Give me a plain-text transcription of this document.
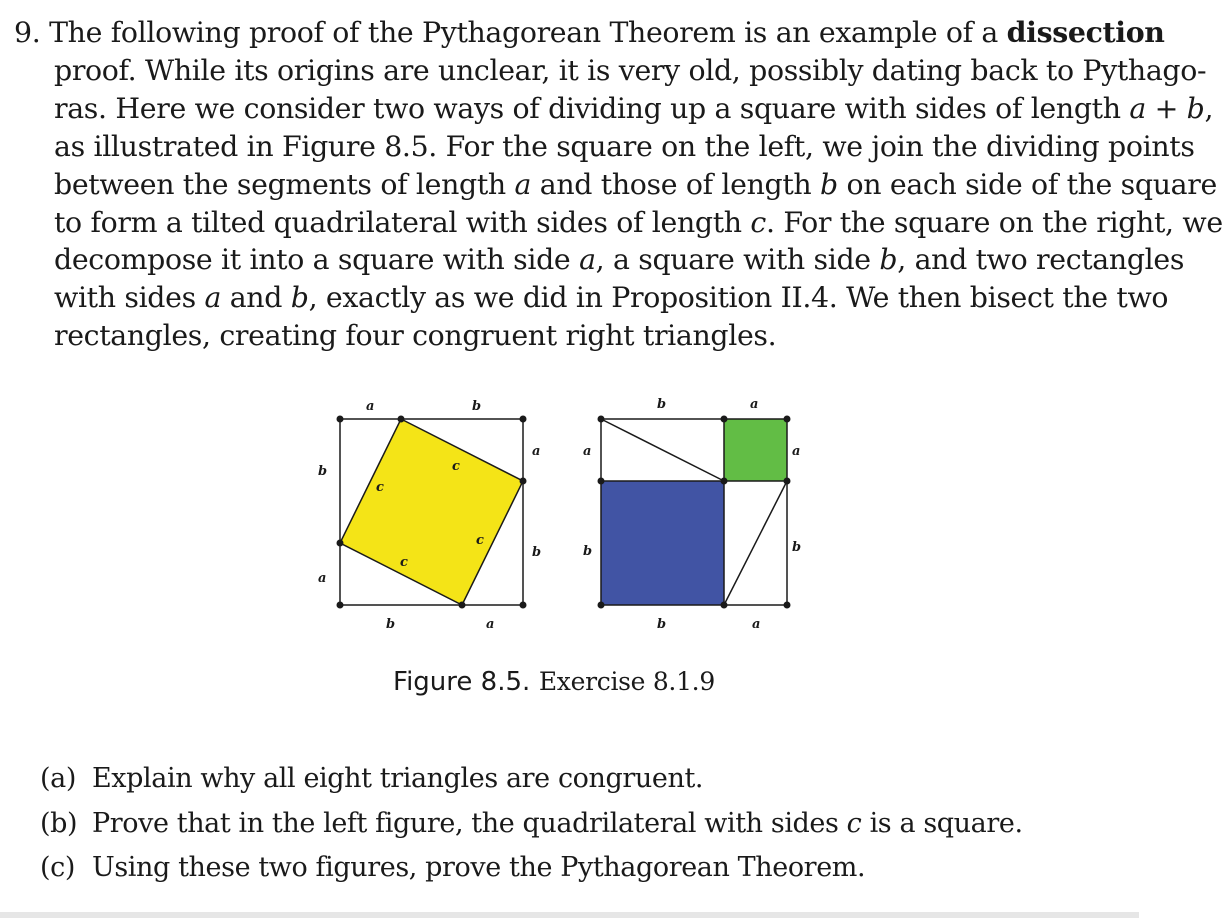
9. The following proof of the Pythagorean Theorem is an example of a dissection
proof. While its origins are unclear, it is very old, possibly dating back to Pythago-
ras. Here we consider two ways of dividing up a square with sides of length a + b,
as illustrated in Figure 8.5. For the square on the left, we join the dividing points
between the segments of length a and those of length b on each side of the square
to form a tilted quadrilateral with sides of length c. For the square on the right, we
decompose it into a square with side a, a square with side b, and two rectangles
with sides a and b, exactly as we did in Proposition II.4. We then bisect the two
rectangles, creating four congruent right triangles.
a	b
a
b
b	a
b
a
c
c
c
c
b	a
a
b
b	a
a
b
Figure 8.5. Exercise 8.1.9
(a) Explain why all eight triangles are congruent.
(b) Prove that in the left figure, the quadrilateral with sides c is a square.
(c) Using these two figures, prove the Pythagorean Theorem.
